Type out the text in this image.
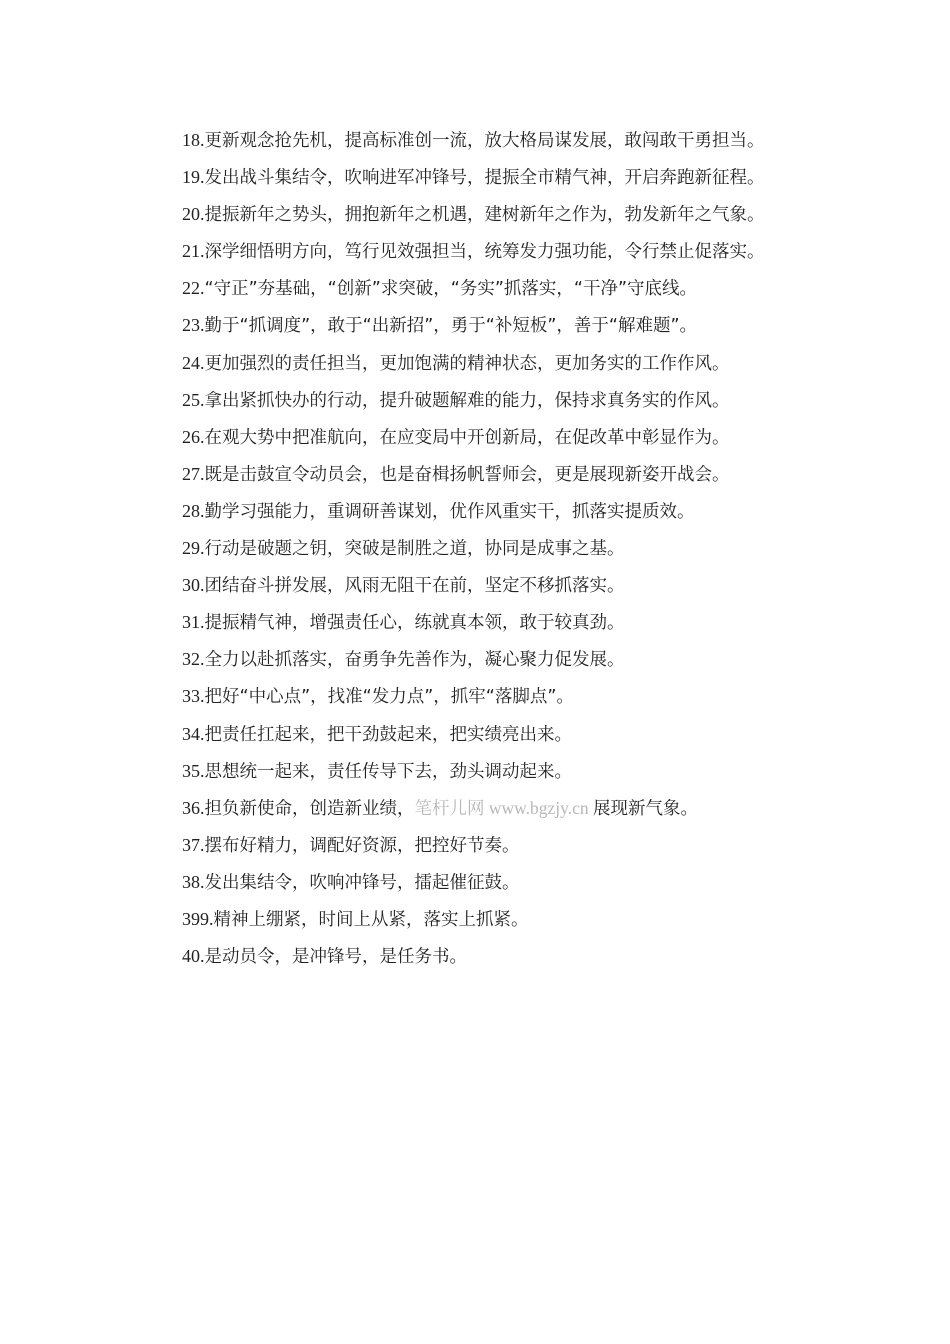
18.更新观念抢先机，提高标准创一流，放大格局谋发展，敢闯敢干勇担当。
19.发出战斗集结令，吹响进军冲锋号，提振全市精气神，开启奔跑新征程。
20.提振新年之势头，拥抱新年之机遇，建树新年之作为，勃发新年之气象。
21.深学细悟明方向，笃行见效强担当，统筹发力强功能，令行禁止促落实。
22.“守正”夯基础，“创新”求突破，“务实”抓落实，“干净”守底线。
23.勤于“抓调度”，敢于“出新招”，勇于“补短板”，善于“解难题”。
24.更加强烈的责任担当，更加饱满的精神状态，更加务实的工作作风。
25.拿出紧抓快办的行动，提升破题解难的能力，保持求真务实的作风。
26.在观大势中把准航向，在应变局中开创新局，在促改革中彰显作为。
27.既是击鼓宣令动员会，也是奋楫扬帆誓师会，更是展现新姿开战会。
28.勤学习强能力，重调研善谋划，优作风重实干，抓落实提质效。
29.行动是破题之钥，突破是制胜之道，协同是成事之基。
30.团结奋斗拼发展，风雨无阻干在前，坚定不移抓落实。
31.提振精气神，增强责任心，练就真本领，敢于较真劲。
32.全力以赴抓落实，奋勇争先善作为，凝心聚力促发展。
33.把好“中心点”，找准“发力点”，抓牢“落脚点”。
34.把责任扛起来，把干劲鼓起来，把实绩亮出来。
35.思想统一起来，责任传导下去，劲头调动起来。
36.担负新使命，创造新业绩，笔杆儿网 www.bgzjy.cn 展现新气象。
37.摆布好精力，调配好资源，把控好节奏。
38.发出集结令，吹响冲锋号，擂起催征鼓。
399.精神上绷紧，时间上从紧，落实上抓紧。
40.是动员令，是冲锋号，是任务书。
